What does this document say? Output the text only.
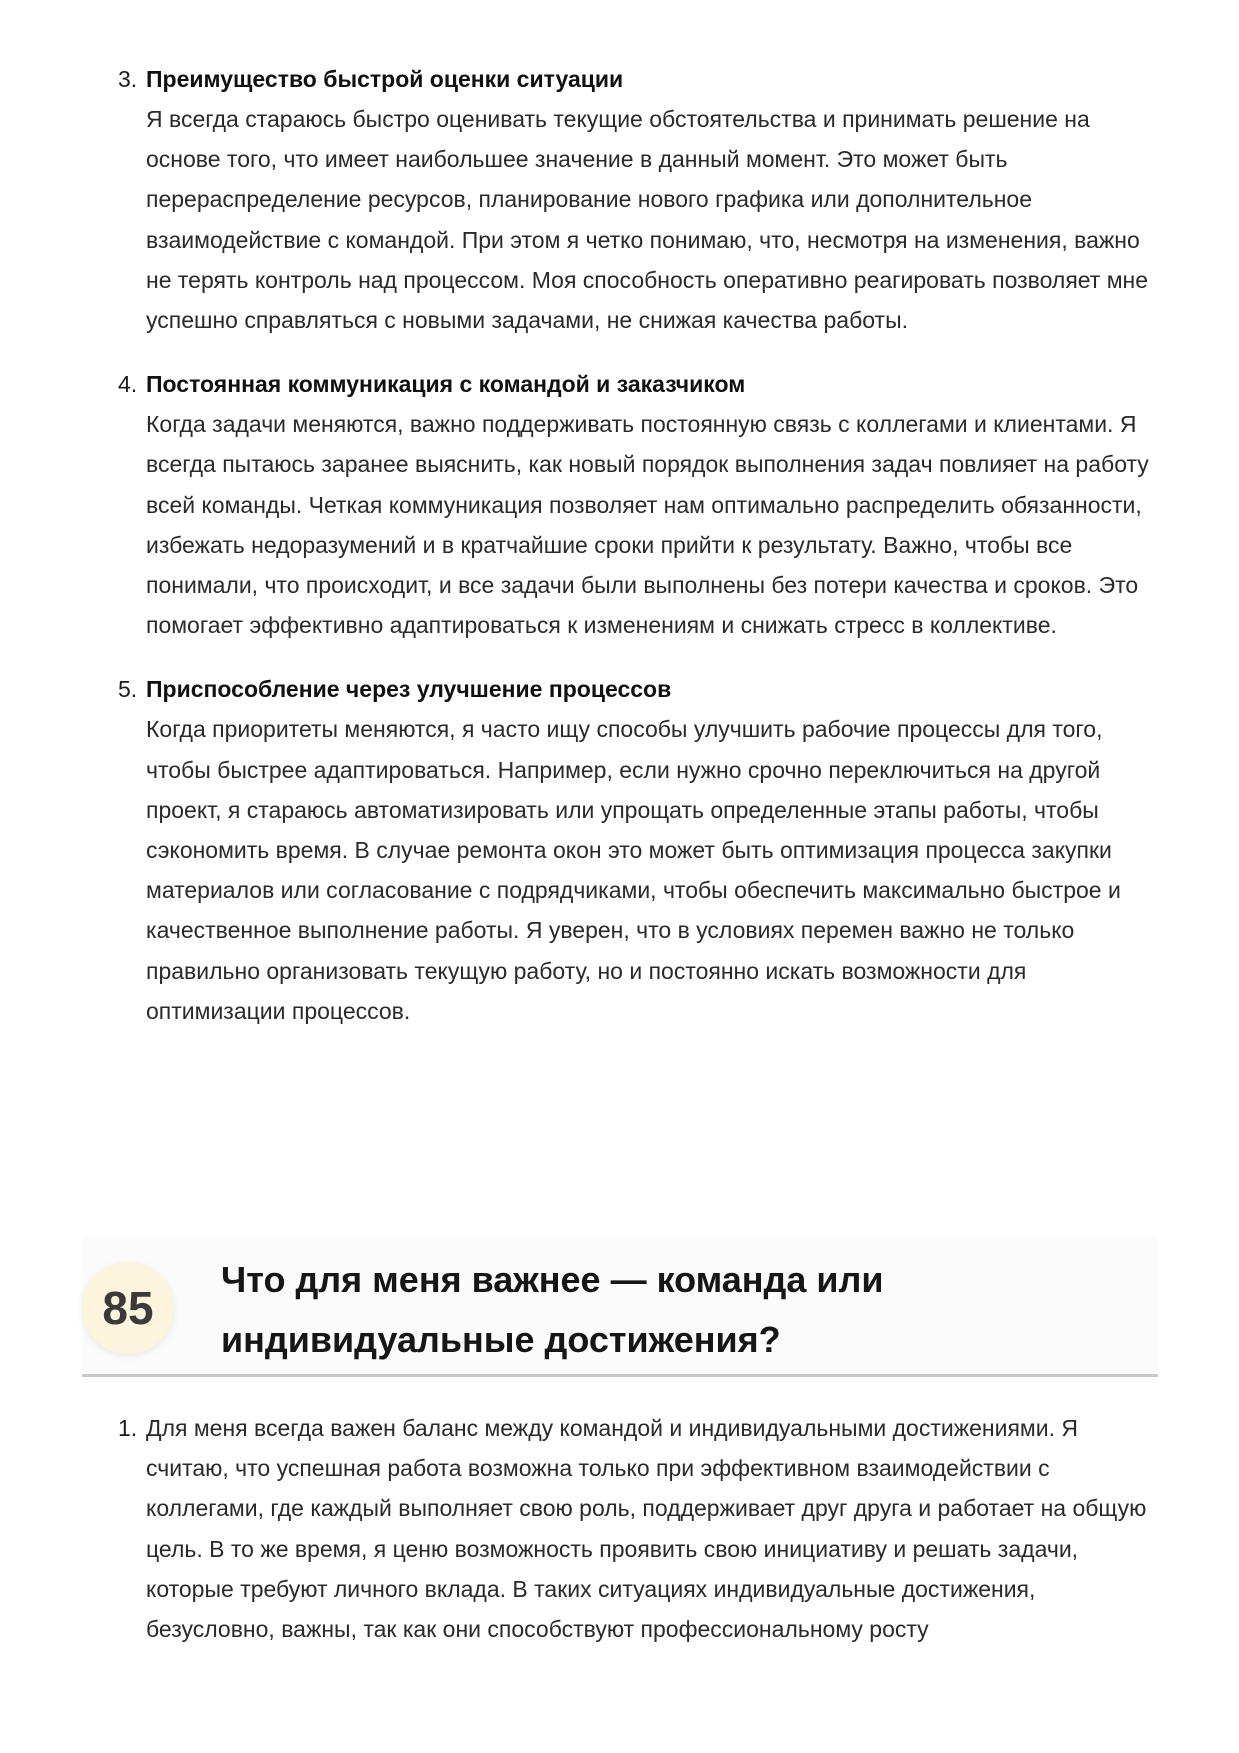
3. Преимущество быстрой оценки ситуации
Я всегда стараюсь быстро оценивать текущие обстоятельства и принимать решение на основе того, что имеет наибольшее значение в данный момент. Это может быть перераспределение ресурсов, планирование нового графика или дополнительное взаимодействие с командой. При этом я четко понимаю, что, несмотря на изменения, важно не терять контроль над процессом. Моя способность оперативно реагировать позволяет мне успешно справляться с новыми задачами, не снижая качества работы.
4. Постоянная коммуникация с командой и заказчиком
Когда задачи меняются, важно поддерживать постоянную связь с коллегами и клиентами. Я всегда пытаюсь заранее выяснить, как новый порядок выполнения задач повлияет на работу всей команды. Четкая коммуникация позволяет нам оптимально распределить обязанности, избежать недоразумений и в кратчайшие сроки прийти к результату. Важно, чтобы все понимали, что происходит, и все задачи были выполнены без потери качества и сроков. Это помогает эффективно адаптироваться к изменениям и снижать стресс в коллективе.
5. Приспособление через улучшение процессов
Когда приоритеты меняются, я часто ищу способы улучшить рабочие процессы для того, чтобы быстрее адаптироваться. Например, если нужно срочно переключиться на другой проект, я стараюсь автоматизировать или упрощать определенные этапы работы, чтобы сэкономить время. В случае ремонта окон это может быть оптимизация процесса закупки материалов или согласование с подрядчиками, чтобы обеспечить максимально быстрое и качественное выполнение работы. Я уверен, что в условиях перемен важно не только правильно организовать текущую работу, но и постоянно искать возможности для оптимизации процессов.
85
Что для меня важнее — команда или индивидуальные достижения?
1. Для меня всегда важен баланс между командой и индивидуальными достижениями. Я считаю, что успешная работа возможна только при эффективном взаимодействии с коллегами, где каждый выполняет свою роль, поддерживает друг друга и работает на общую цель. В то же время, я ценю возможность проявить свою инициативу и решать задачи, которые требуют личного вклада. В таких ситуациях индивидуальные достижения, безусловно, важны, так как они способствуют профессиональному росту
